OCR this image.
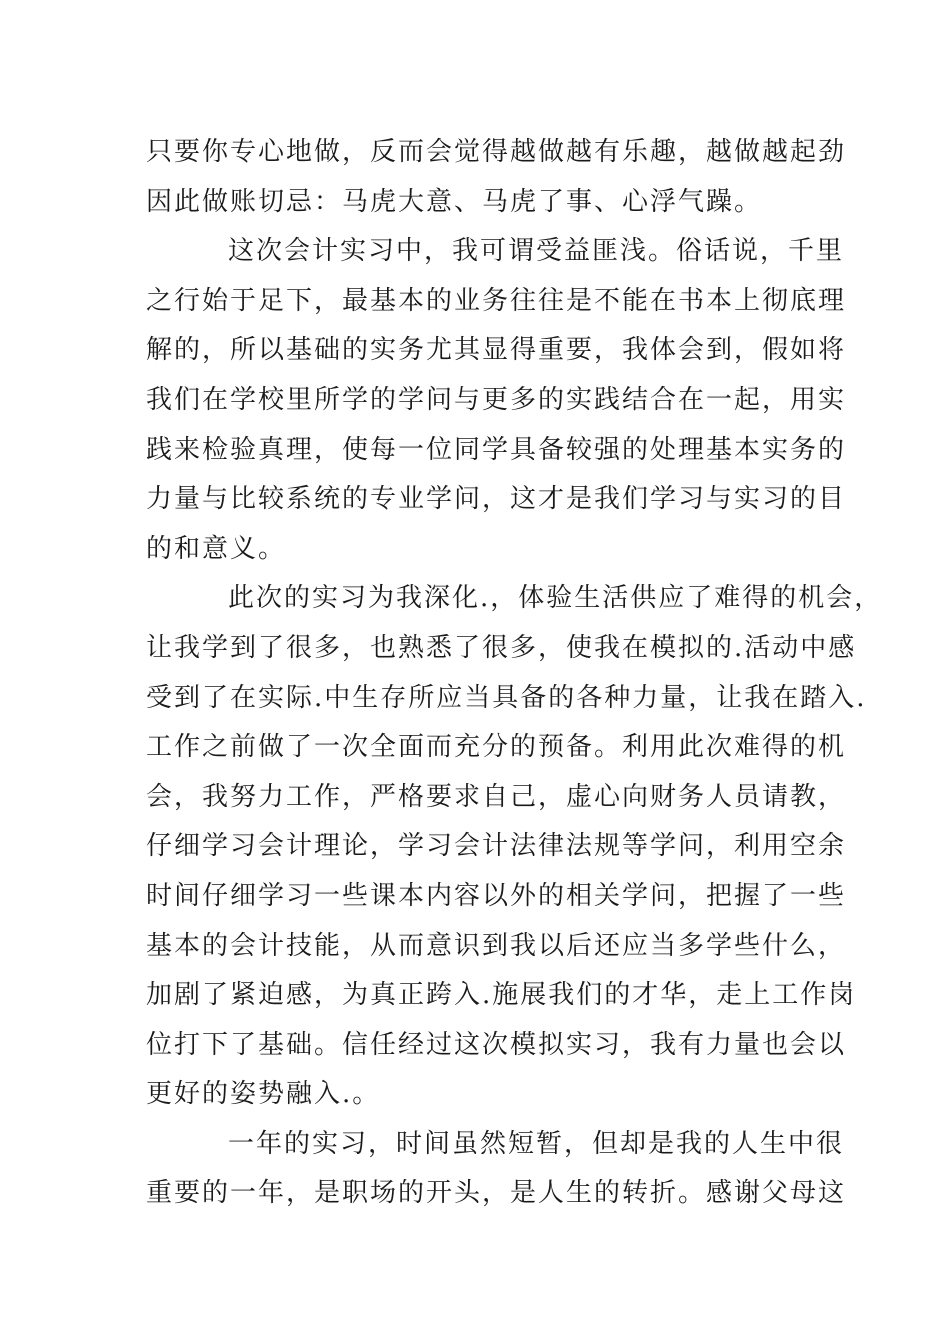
只要你专心地做，反而会觉得越做越有乐趣，越做越起劲
因此做账切忌：马虎大意、马虎了事、心浮气躁。
这次会计实习中，我可谓受益匪浅。俗话说，千里
之行始于足下，最基本的业务往往是不能在书本上彻底理
解的，所以基础的实务尤其显得重要，我体会到，假如将
我们在学校里所学的学问与更多的实践结合在一起，用实
践来检验真理，使每一位同学具备较强的处理基本实务的
力量与比较系统的专业学问，这才是我们学习与实习的目
的和意义。
此次的实习为我深化.，体验生活供应了难得的机会，
让我学到了很多，也熟悉了很多，使我在模拟的.活动中感
受到了在实际.中生存所应当具备的各种力量，让我在踏入.
工作之前做了一次全面而充分的预备。利用此次难得的机
会，我努力工作，严格要求自己，虚心向财务人员请教，
仔细学习会计理论，学习会计法律法规等学问，利用空余
时间仔细学习一些课本内容以外的相关学问，把握了一些
基本的会计技能，从而意识到我以后还应当多学些什么，
加剧了紧迫感，为真正跨入.施展我们的才华，走上工作岗
位打下了基础。信任经过这次模拟实习，我有力量也会以
更好的姿势融入.。
一年的实习，时间虽然短暂，但却是我的人生中很
重要的一年，是职场的开头，是人生的转折。感谢父母这
